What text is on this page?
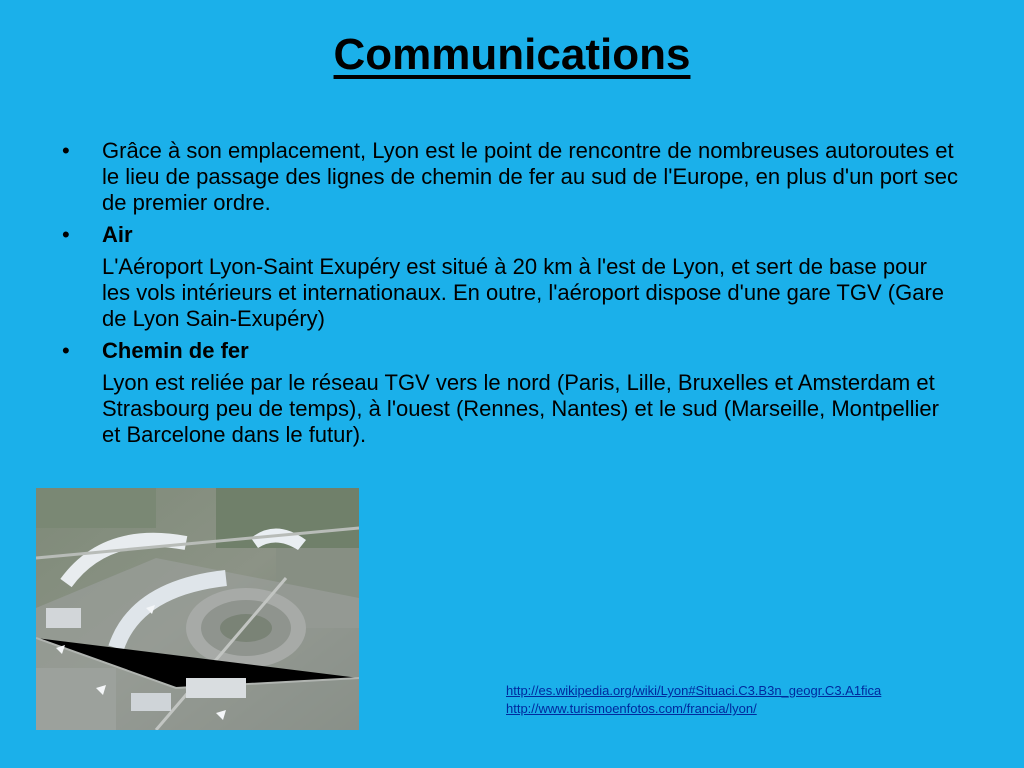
Communications
• Grâce à son emplacement, Lyon est le point de rencontre de nombreuses autoroutes et le lieu de passage des lignes de chemin de fer au sud de l'Europe, en plus d'un port sec de premier ordre.
• Air
L'Aéroport Lyon-Saint Exupéry est situé à 20 km à l'est de Lyon, et sert de base pour les vols intérieurs et internationaux. En outre, l'aéroport dispose d'une gare TGV (Gare de Lyon Sain-Exupéry)
• Chemin de fer
Lyon est reliée par le réseau TGV vers le nord (Paris, Lille, Bruxelles et Amsterdam et Strasbourg peu de temps), à l'ouest (Rennes, Nantes) et le sud (Marseille, Montpellier et Barcelone dans le futur).
http://es.wikipedia.org/wiki/Lyon#Situaci.C3.B3n_geogr.C3.A1fica
http://www.turismoenfotos.com/francia/lyon/
